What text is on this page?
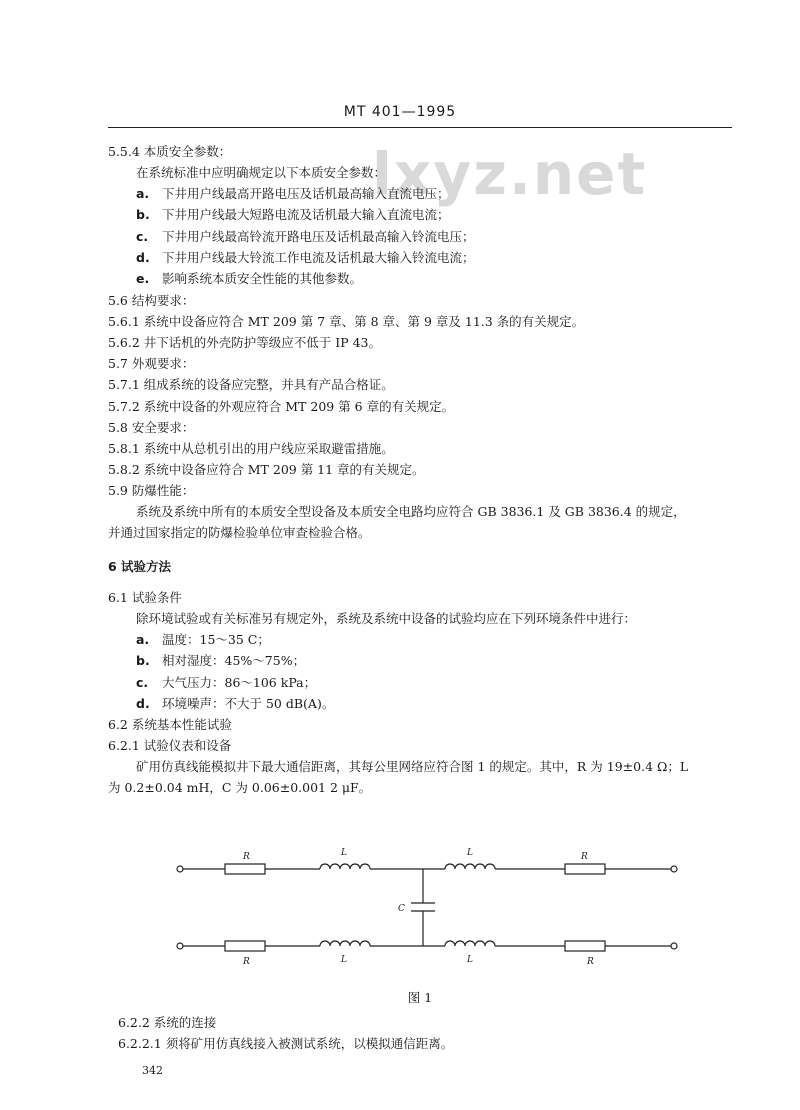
MT 401—1995
lxyz.net
5.5.4 本质安全参数：
在系统标准中应明确规定以下本质安全参数：
a. 下井用户线最高开路电压及话机最高输入直流电压；
b. 下井用户线最大短路电流及话机最大输入直流电流；
c. 下井用户线最高铃流开路电压及话机最高输入铃流电压；
d. 下井用户线最大铃流工作电流及话机最大输入铃流电流；
e. 影响系统本质安全性能的其他参数。
5.6 结构要求：
5.6.1 系统中设备应符合 MT 209 第 7 章、第 8 章、第 9 章及 11.3 条的有关规定。
5.6.2 井下话机的外壳防护等级应不低于 IP 43。
5.7 外观要求：
5.7.1 组成系统的设备应完整，并具有产品合格证。
5.7.2 系统中设备的外观应符合 MT 209 第 6 章的有关规定。
5.8 安全要求：
5.8.1 系统中从总机引出的用户线应采取避雷措施。
5.8.2 系统中设备应符合 MT 209 第 11 章的有关规定。
5.9 防爆性能：
系统及系统中所有的本质安全型设备及本质安全电路均应符合 GB 3836.1 及 GB 3836.4 的规定，
并通过国家指定的防爆检验单位审查检验合格。
6 试验方法
6.1 试验条件
除环境试验或有关标准另有规定外，系统及系统中设备的试验均应在下列环境条件中进行：
a. 温度：15～35 C；
b. 相对湿度：45%～75%；
c. 大气压力：86～106 kPa；
d. 环境噪声：不大于 50 dB(A)。
6.2 系统基本性能试验
6.2.1 试验仪表和设备
矿用仿真线能模拟井下最大通信距离，其每公里网络应符合图 1 的规定。其中，R 为 19±0.4 Ω；L
为 0.2±0.04 mH，C 为 0.06±0.001 2 μF。
R	L	L	R
C
R	L	L	R
图 1
6.2.2 系统的连接
6.2.2.1 须将矿用仿真线接入被测试系统，以模拟通信距离。
342
